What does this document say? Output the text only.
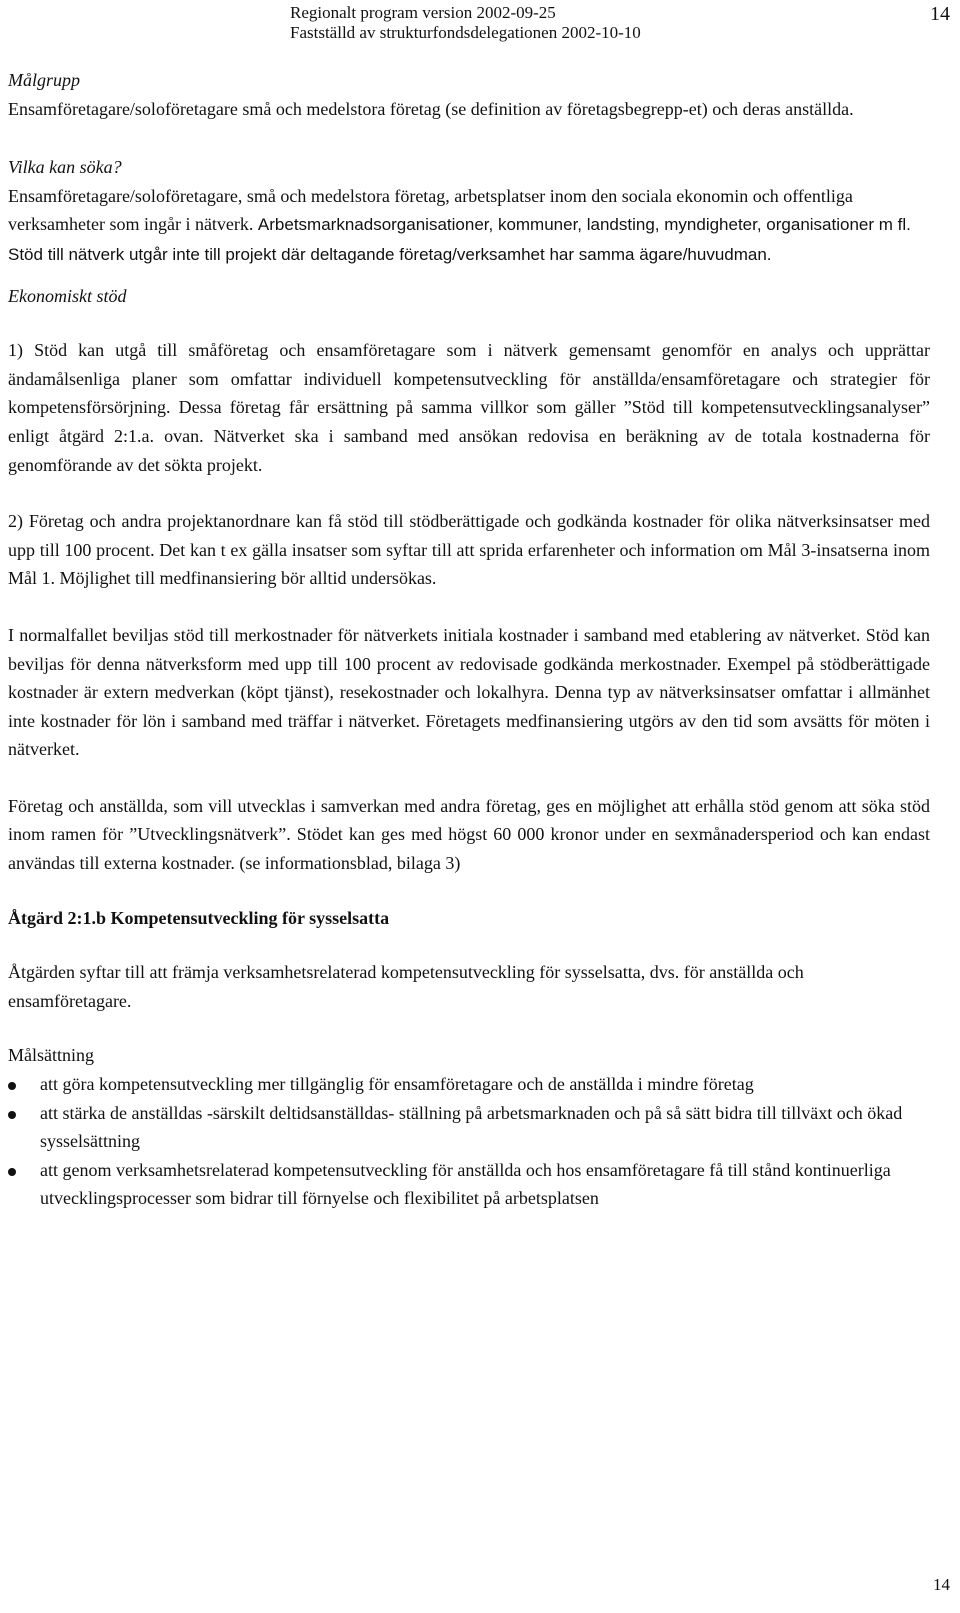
Regionalt program version 2002-09-25
Fastställd av strukturfondsdelegationen 2002-10-10
14

Målgrupp

Ensamföretagare/soloföretagare små och medelstora företag (se definition av företagsbegrepp-et) och deras anställda.

Vilka kan söka?

Ensamföretagare/soloföretagare, små och medelstora företag, arbetsplatser inom den sociala ekonomin och offentliga verksamheter som ingår i nätverk. Arbetsmarknadsorganisationer, kommuner, landsting, myndigheter, organisationer m fl. Stöd till nätverk utgår inte till projekt där deltagande företag/verksamhet har samma ägare/huvudman.

Ekonomiskt stöd

1) Stöd kan utgå till småföretag och ensamföretagare som i nätverk gemensamt genomför en analys och upprättar ändamålsenliga planer som omfattar individuell kompetensutveckling för anställda/ensamföretagare och strategier för kompetensförsörjning. Dessa företag får ersättning på samma villkor som gäller ”Stöd till kompetensutvecklingsanalyser” enligt åtgärd 2:1.a. ovan. Nätverket ska i samband med ansökan redovisa en beräkning av de totala kostnaderna för genomförande av det sökta projekt.

2) Företag och andra projektanordnare kan få stöd till stödberättigade och godkända kostnader för olika nätverksinsatser med upp till 100 procent. Det kan t ex gälla insatser som syftar till att sprida erfarenheter och information om Mål 3-insatserna inom Mål 1. Möjlighet till medfinansiering bör alltid undersökas.

I normalfallet beviljas stöd till merkostnader för nätverkets initiala kostnader i samband med etablering av nätverket. Stöd kan beviljas för denna nätverksform med upp till 100 procent av redovisade godkända merkostnader. Exempel på stödberättigade kostnader är extern medverkan (köpt tjänst), resekostnader och lokalhyra. Denna typ av nätverksinsatser omfattar i allmänhet inte kostnader för lön i samband med träffar i nätverket. Företagets medfinansiering utgörs av den tid som avsätts för möten i nätverket.

Företag och anställda, som vill utvecklas i samverkan med andra företag, ges en möjlighet att erhålla stöd genom att söka stöd inom ramen för ”Utvecklingsnätverk”. Stödet kan ges med högst 60 000 kronor under en sexmånadersperiod och kan endast användas till externa kostnader. (se informationsblad, bilaga 3)

Åtgärd 2:1.b Kompetensutveckling för sysselsatta

Åtgärden syftar till att främja verksamhetsrelaterad kompetensutveckling för sysselsatta, dvs. för anställda och ensamföretagare.

Målsättning

att göra kompetensutveckling mer tillgänglig för ensamföretagare och de anställda i mindre företag
att stärka de anställdas -särskilt deltidsanställdas- ställning på arbetsmarknaden och på så sätt bidra till tillväxt och ökad sysselsättning
att genom verksamhetsrelaterad kompetensutveckling för anställda och hos ensamföretagare få till stånd kontinuerliga utvecklingsprocesser som bidrar till förnyelse och flexibilitet på arbetsplatsen
14
